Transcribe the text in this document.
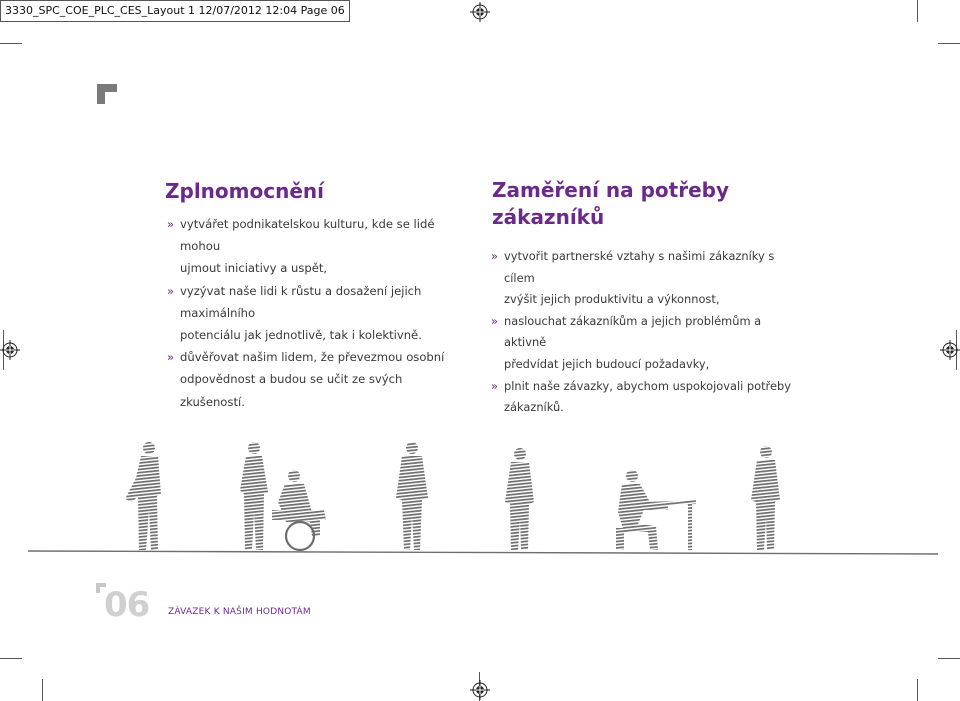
3330_SPC_COE_PLC_CES_Layout 1 12/07/2012 12:04 Page 06
Zplnomocnění
» vytvářet podnikatelskou kulturu, kde se lidé mohou
ujmout iniciativy a uspět,
» vyzývat naše lidi k růstu a dosažení jejich maximálního
potenciálu jak jednotlivě, tak i kolektivně.
» důvěřovat našim lidem, že převezmou osobní
odpovědnost a budou se učit ze svých zkušeností.
Zaměření na potřeby
zákazníků
» vytvořit partnerské vztahy s našimi zákazníky s cílem
zvýšit jejich produktivitu a výkonnost,
» naslouchat zákazníkům a jejich problémům a aktivně
předvídat jejich budoucí požadavky,
» plnit naše závazky, abychom uspokojovali potřeby
zákazníků.
06 ZÁVAZEK K NAŠIM HODNOTÁM
